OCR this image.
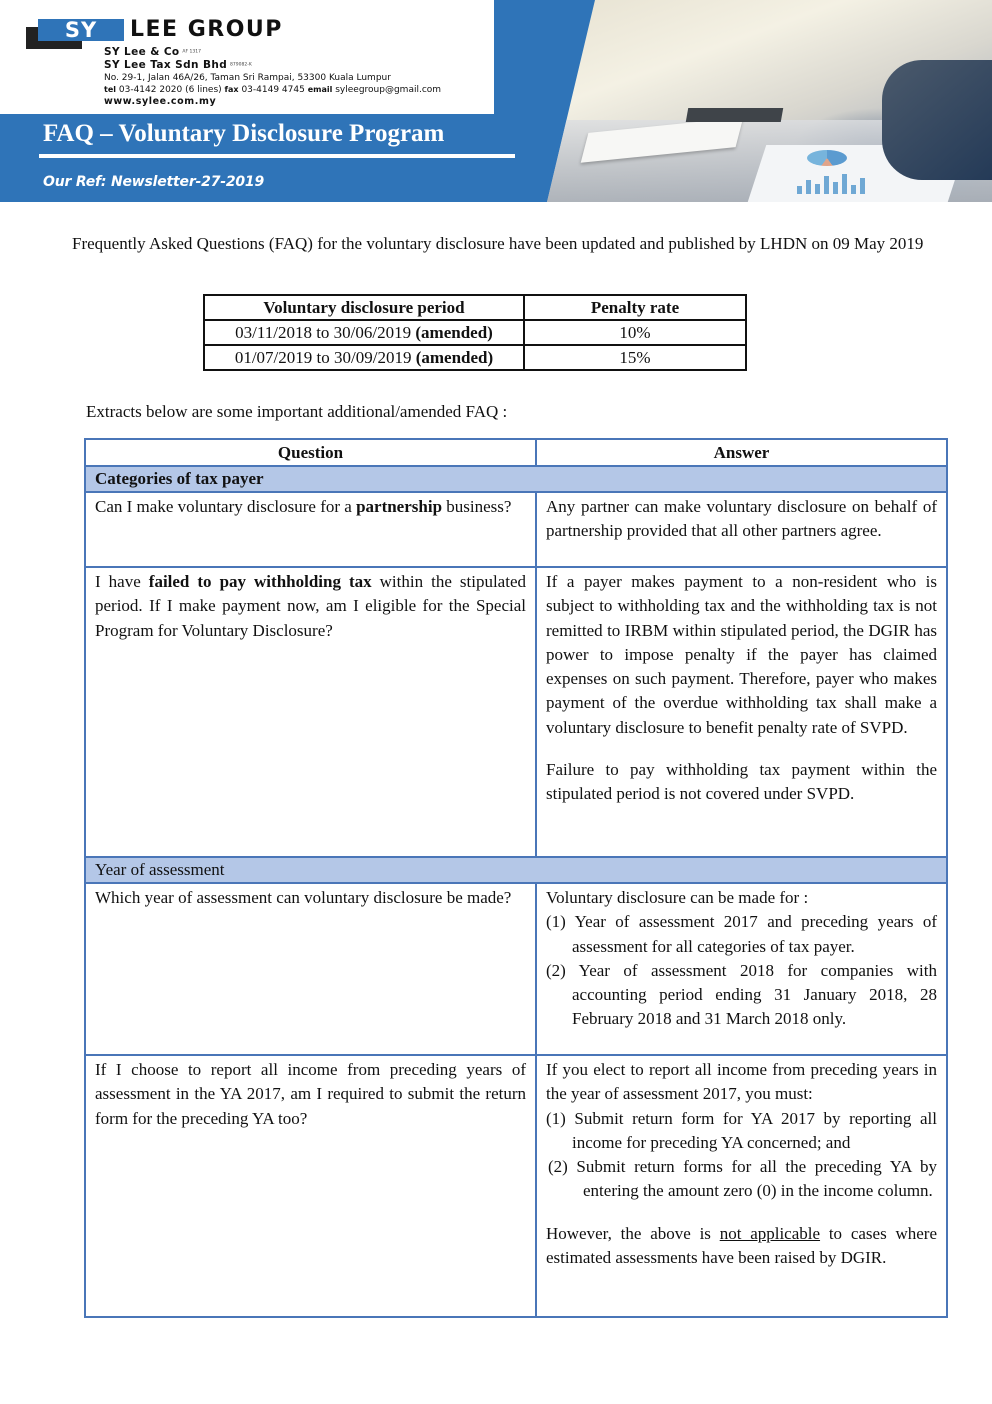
SY	LEE GROUP
SY Lee & Co AF 1317
SY Lee Tax Sdn Bhd 879082-K
No. 29-1, Jalan 46A/26, Taman Sri Rampai, 53300 Kuala Lumpur
tel 03-4142 2020 (6 lines) fax 03-4149 4745 email syleegroup@gmail.com
www.sylee.com.my
FAQ – Voluntary Disclosure Program
Our Ref: Newsletter-27-2019
Frequently Asked Questions (FAQ) for the voluntary disclosure have been updated and published by LHDN on 09 May 2019
Voluntary disclosure period	Penalty rate
03/11/2018 to 30/06/2019 (amended)	10%
01/07/2019 to 30/09/2019 (amended)	15%
Extracts below are some important additional/amended FAQ :
Question	Answer
Categories of tax payer	
Can I make voluntary disclosure for a partnership business?	Any partner can make voluntary disclosure on behalf of partnership provided that all other partners agree.
I have failed to pay withholding tax within the stipulated period. If I make payment now, am I eligible for the Special Program for Voluntary Disclosure?	If a payer makes payment to a non-resident who is subject to withholding tax and the withholding tax is not remitted to IRBM within stipulated period, the DGIR has power to impose penalty if the payer has claimed expenses on such payment. Therefore, payer who makes payment of the overdue withholding tax shall make a voluntary disclosure to benefit penalty rate of SVPD.

Failure to pay withholding tax payment within the stipulated period is not covered under SVPD.

Year of assessment	
Which year of assessment can voluntary disclosure be made?	Voluntary disclosure can be made for :

(1) Year of assessment 2017 and preceding years of assessment for all categories of tax payer.

(2) Year of assessment 2018 for companies with accounting period ending 31 January 2018, 28 February 2018 and 31 March 2018 only.

If I choose to report all income from preceding years of assessment in the YA 2017, am I required to submit the return form for the preceding YA too?	If you elect to report all income from preceding years in the year of assessment 2017, you must:

(1) Submit return form for YA 2017 by reporting all income for preceding YA concerned; and

(2) Submit return forms for all the preceding YA by entering the amount zero (0) in the income column.

However, the above is not applicable to cases where estimated assessments have been raised by DGIR.
